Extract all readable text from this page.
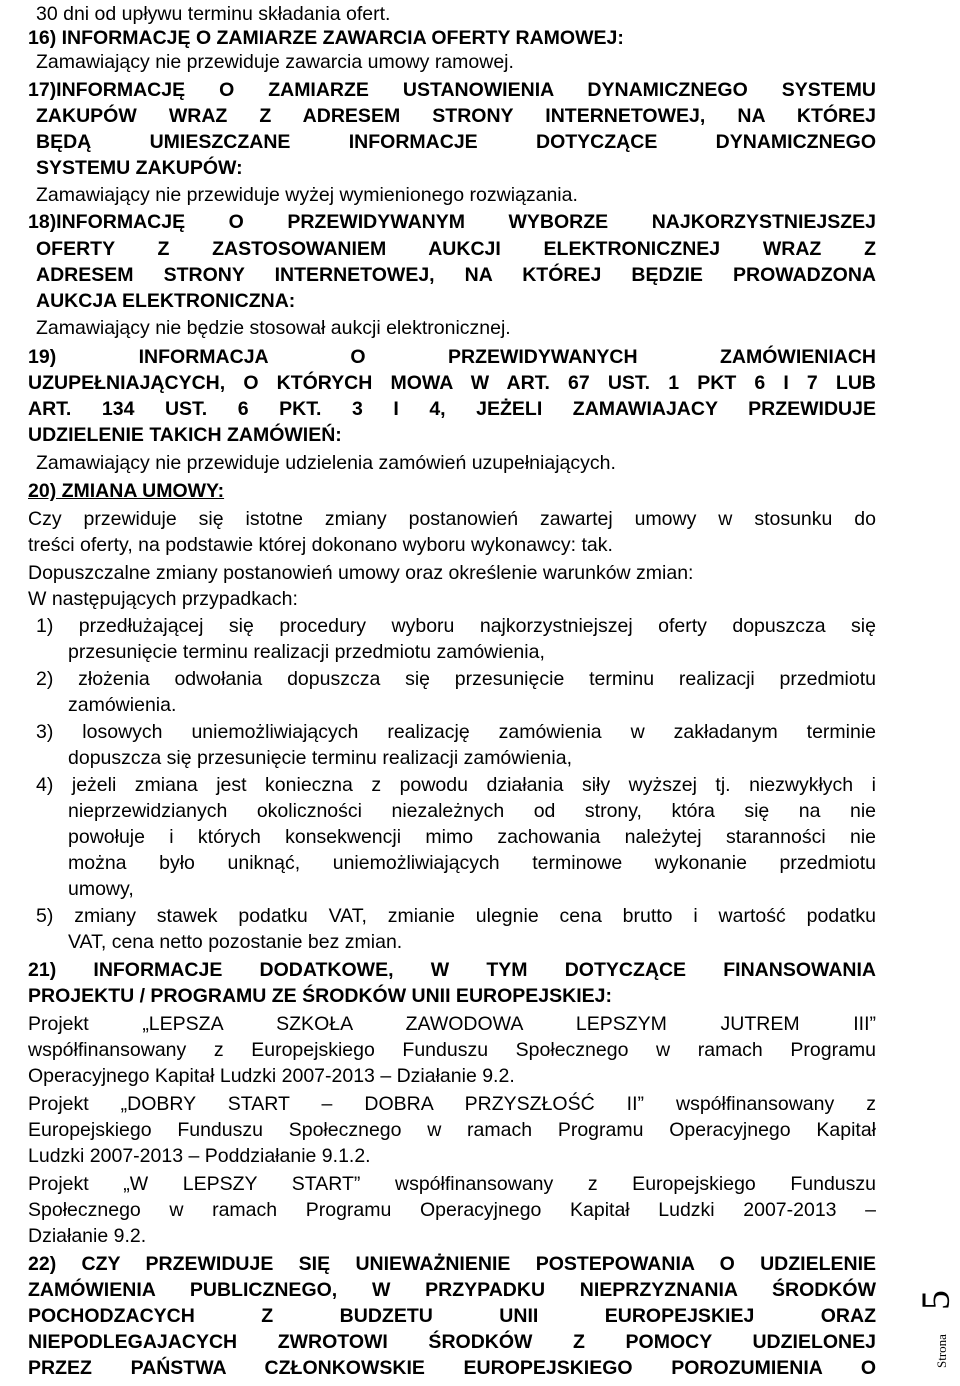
30 dni od upływu terminu składania ofert.
16) INFORMACJĘ O ZAMIARZE ZAWARCIA OFERTY RAMOWEJ:
Zamawiający nie przewiduje zawarcia umowy ramowej.
17)INFORMACJĘ O ZAMIARZE USTANOWIENIA DYNAMICZNEGO SYSTEMU
ZAKUPÓW WRAZ Z ADRESEM STRONY INTERNETOWEJ, NA KTÓREJ
BĘDĄ UMIESZCZANE INFORMACJE DOTYCZĄCE DYNAMICZNEGO
SYSTEMU ZAKUPÓW:
Zamawiający nie przewiduje wyżej wymienionego rozwiązania.
18)INFORMACJĘ O PRZEWIDYWANYM WYBORZE NAJKORZYSTNIEJSZEJ
OFERTY Z ZASTOSOWANIEM AUKCJI ELEKTRONICZNEJ WRAZ Z
ADRESEM STRONY INTERNETOWEJ, NA KTÓREJ BĘDZIE PROWADZONA
AUKCJA ELEKTRONICZNA:
Zamawiający nie będzie stosował aukcji elektronicznej.
19) INFORMACJA O PRZEWIDYWANYCH ZAMÓWIENIACH
UZUPEŁNIAJĄCYCH, O KTÓRYCH MOWA W ART. 67 UST. 1 PKT 6 I 7 LUB
ART. 134 UST. 6 PKT. 3 I 4, JEŻELI ZAMAWIAJACY PRZEWIDUJE
UDZIELENIE TAKICH ZAMÓWIEŃ:
Zamawiający nie przewiduje udzielenia zamówień uzupełniających.
20) ZMIANA UMOWY:
Czy przewiduje się istotne zmiany postanowień zawartej umowy w stosunku do
treści oferty, na podstawie której dokonano wyboru wykonawcy: tak.
Dopuszczalne zmiany postanowień umowy oraz określenie warunków zmian:
W następujących przypadkach:
1) przedłużającej się procedury wyboru najkorzystniejszej oferty dopuszcza się
przesunięcie terminu realizacji przedmiotu zamówienia,
2) złożenia odwołania dopuszcza się przesunięcie terminu realizacji przedmiotu
zamówienia.
3) losowych uniemożliwiających realizację zamówienia w zakładanym terminie
dopuszcza się przesunięcie terminu realizacji zamówienia,
4) jeżeli zmiana jest konieczna z powodu działania siły wyższej tj. niezwykłych i
nieprzewidzianych okoliczności niezależnych od strony, która się na nie
powołuje i których konsekwencji mimo zachowania należytej staranności nie
można było uniknąć, uniemożliwiających terminowe wykonanie przedmiotu
umowy,
5) zmiany stawek podatku VAT, zmianie ulegnie cena brutto i wartość podatku
VAT, cena netto pozostanie bez zmian.
21) INFORMACJE DODATKOWE, W TYM DOTYCZĄCE FINANSOWANIA
PROJEKTU / PROGRAMU ZE ŚRODKÓW UNII EUROPEJSKIEJ:
Projekt „LEPSZA SZKOŁA ZAWODOWA LEPSZYM JUTREM III”
współfinansowany z Europejskiego Funduszu Społecznego w ramach Programu
Operacyjnego Kapitał Ludzki 2007-2013 – Działanie 9.2.
Projekt „DOBRY START – DOBRA PRZYSZŁOŚĆ II” współfinansowany z
Europejskiego Funduszu Społecznego w ramach Programu Operacyjnego Kapitał
Ludzki 2007-2013 – Poddziałanie 9.1.2.
Projekt „W LEPSZY START” współfinansowany z Europejskiego Funduszu
Społecznego w ramach Programu Operacyjnego Kapitał Ludzki 2007-2013 –
Działanie 9.2.
22) CZY PRZEWIDUJE SIĘ UNIEWAŻNIENIE POSTEPOWANIA O UDZIELENIE
ZAMÓWIENIA PUBLICZNEGO, W PRZYPADKU NIEPRZYZNANIA ŚRODKÓW
POCHODZACYCH Z BUDZETU UNII EUROPEJSKIEJ ORAZ
NIEPODLEGAJACYCH ZWROTOWI ŚRODKÓW Z POMOCY UDZIELONEJ
PRZEZ PAŃSTWA CZŁONKOWSKIE EUROPEJSKIEGO POROZUMIENIA O	Strona
5
